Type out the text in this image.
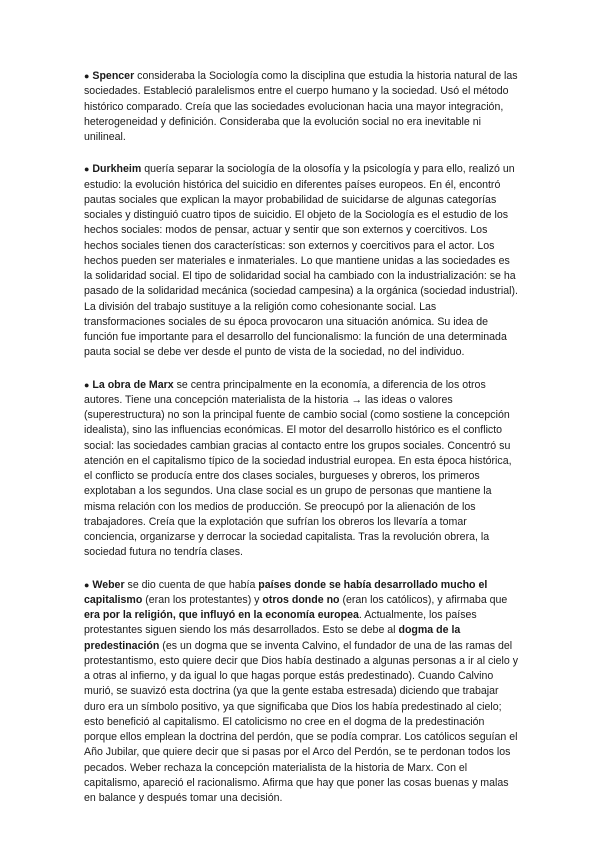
● Spencer consideraba la Sociología como la disciplina que estudia la historia natural de las
sociedades. Estableció paralelismos entre el cuerpo humano y la sociedad. Usó el método
histórico comparado. Creía que las sociedades evolucionan hacia una mayor integración,
heterogeneidad y definición. Consideraba que la evolución social no era inevitable ni
unilineal.
● Durkheim quería separar la sociología de la olosofía y la psicología y para ello, realizó un
estudio: la evolución histórica del suicidio en diferentes países europeos. En él, encontró
pautas sociales que explican la mayor probabilidad de suicidarse de algunas categorías
sociales y distinguió cuatro tipos de suicidio. El objeto de la Sociología es el estudio de los
hechos sociales: modos de pensar, actuar y sentir que son externos y coercitivos. Los
hechos sociales tienen dos características: son externos y coercitivos para el actor. Los
hechos pueden ser materiales e inmateriales. Lo que mantiene unidas a las sociedades es
la solidaridad social. El tipo de solidaridad social ha cambiado con la industrialización: se ha
pasado de la solidaridad mecánica (sociedad campesina) a la orgánica (sociedad industrial).
La división del trabajo sustituye a la religión como cohesionante social. Las
transformaciones sociales de su época provocaron una situación anómica. Su idea de
función fue importante para el desarrollo del funcionalismo: la función de una determinada
pauta social se debe ver desde el punto de vista de la sociedad, no del individuo.
● La obra de Marx se centra principalmente en la economía, a diferencia de los otros
autores. Tiene una concepción materialista de la historia → las ideas o valores
(superestructura) no son la principal fuente de cambio social (como sostiene la concepción
idealista), sino las influencias económicas. El motor del desarrollo histórico es el conflicto
social: las sociedades cambian gracias al contacto entre los grupos sociales. Concentró su
atención en el capitalismo típico de la sociedad industrial europea. En esta época histórica,
el conflicto se producía entre dos clases sociales, burgueses y obreros, los primeros
explotaban a los segundos. Una clase social es un grupo de personas que mantiene la
misma relación con los medios de producción. Se preocupó por la alienación de los
trabajadores. Creía que la explotación que sufrían los obreros los llevaría a tomar
conciencia, organizarse y derrocar la sociedad capitalista. Tras la revolución obrera, la
sociedad futura no tendría clases.
● Weber se dio cuenta de que había países donde se había desarrollado mucho el
capitalismo (eran los protestantes) y otros donde no (eran los católicos), y afirmaba que
era por la religión, que influyó en la economía europea. Actualmente, los países
protestantes siguen siendo los más desarrollados. Esto se debe al dogma de la
predestinación (es un dogma que se inventa Calvino, el fundador de una de las ramas del
protestantismo, esto quiere decir que Dios había destinado a algunas personas a ir al cielo y
a otras al infierno, y da igual lo que hagas porque estás predestinado). Cuando Calvino
murió, se suavizó esta doctrina (ya que la gente estaba estresada) diciendo que trabajar
duro era un símbolo positivo, ya que significaba que Dios los había predestinado al cielo;
esto benefició al capitalismo. El catolicismo no cree en el dogma de la predestinación
porque ellos emplean la doctrina del perdón, que se podía comprar. Los católicos seguían el
Año Jubilar, que quiere decir que si pasas por el Arco del Perdón, se te perdonan todos los
pecados. Weber rechaza la concepción materialista de la historia de Marx. Con el
capitalismo, apareció el racionalismo. Afirma que hay que poner las cosas buenas y malas
en balance y después tomar una decisión.
